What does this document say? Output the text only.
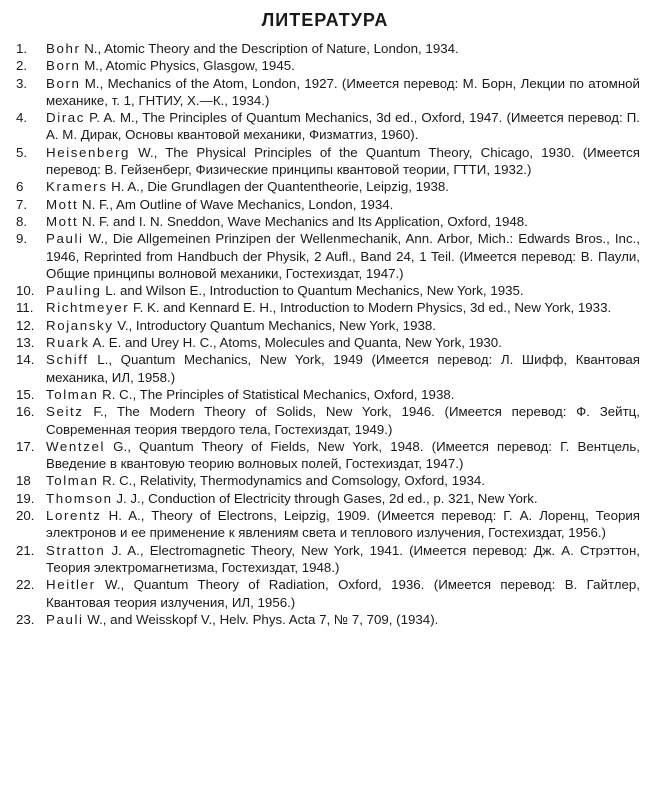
ЛИТЕРАТУРА
1.	Bohr N., Atomic Theory and the Description of Nature, London, 1934.
2.	Born M., Atomic Physics, Glasgow, 1945.
3.	Born M., Mechanics of the Atom, London, 1927. (Имеется перевод: М. Борн, Лекции по атомной механике, т. 1, ГНТИУ, Х.—К., 1934.)
4.	Dirac P. A. M., The Principles of Quantum Mechanics, 3d ed., Oxford, 1947. (Имеется перевод: П. А. М. Дирак, Основы квантовой механики, Физматгиз, 1960).
5.	Heisenberg W., The Physical Principles of the Quantum Theory, Chicago, 1930. (Имеется перевод: В. Гейзенберг, Физические принципы квантовой теории, ГТТИ, 1932.)
6	Kramers H. A., Die Grundlagen der Quantentheorie, Leipzig, 1938.
7.	Mott N. F., Am Outline of Wave Mechanics, London, 1934.
8.	Mott N. F. and I. N. Sneddon, Wave Mechanics and Its Application, Oxford, 1948.
9.	Pauli W., Die Allgemeinen Prinzipen der Wellenmechanik, Ann. Arbor, Mich.: Edwards Bros., Inc., 1946, Reprinted from Handbuch der Physik, 2 Aufl., Band 24, 1 Teil. (Имеется перевод: В. Паули, Общие принципы волновой механики, Гостехиздат, 1947.)
10. Pauling L. and Wilson E., Introduction to Quantum Mechanics, New York, 1935.
11. Richtmeyer F. K. and Kennard E. H., Introduction to Modern Physics, 3d ed., New York, 1933.
12. Rojansky V., Introductory Quantum Mechanics, New York, 1938.
13. Ruark A. E. and Urey H. C., Atoms, Molecules and Quanta, New York, 1930.
14. Schiff L., Quantum Mechanics, New York, 1949 (Имеется перевод: Л. Шифф, Квантовая механика, ИЛ, 1958.)
15. Tolman R. C., The Principles of Statistical Mechanics, Oxford, 1938.
16. Seitz F., The Modern Theory of Solids, New York, 1946. (Имеется перевод: Ф. Зейтц, Современная теория твердого тела, Гостехиздат, 1949.)
17. Wentzel G., Quantum Theory of Fields, New York, 1948. (Имеется перевод: Г. Вентцель, Введение в квантовую теорию волновых полей, Гостехиздат, 1947.)
18	Tolman R. C., Relativity, Thermodynamics and Comsology, Oxford, 1934.
19. Thomson J. J., Conduction of Electricity through Gases, 2d ed., p. 321, New York.
20. Lorentz H. A., Theory of Electrons, Leipzig, 1909. (Имеется перевод: Г. А. Лоренц, Теория электронов и ее применение к явлениям света и теплового излучения, Гостехиздат, 1956.)
21. Stratton J. A., Electromagnetic Theory, New York, 1941. (Имеется перевод: Дж. А. Стрэттон, Теория электромагнетизма, Гостехиздат, 1948.)
22. Heitler W., Quantum Theory of Radiation, Oxford, 1936. (Имеется перевод: В. Гайтлер, Квантовая теория излучения, ИЛ, 1956.)
23. Pauli W., and Weisskopf V., Helv. Phys. Acta 7, № 7, 709, (1934).
